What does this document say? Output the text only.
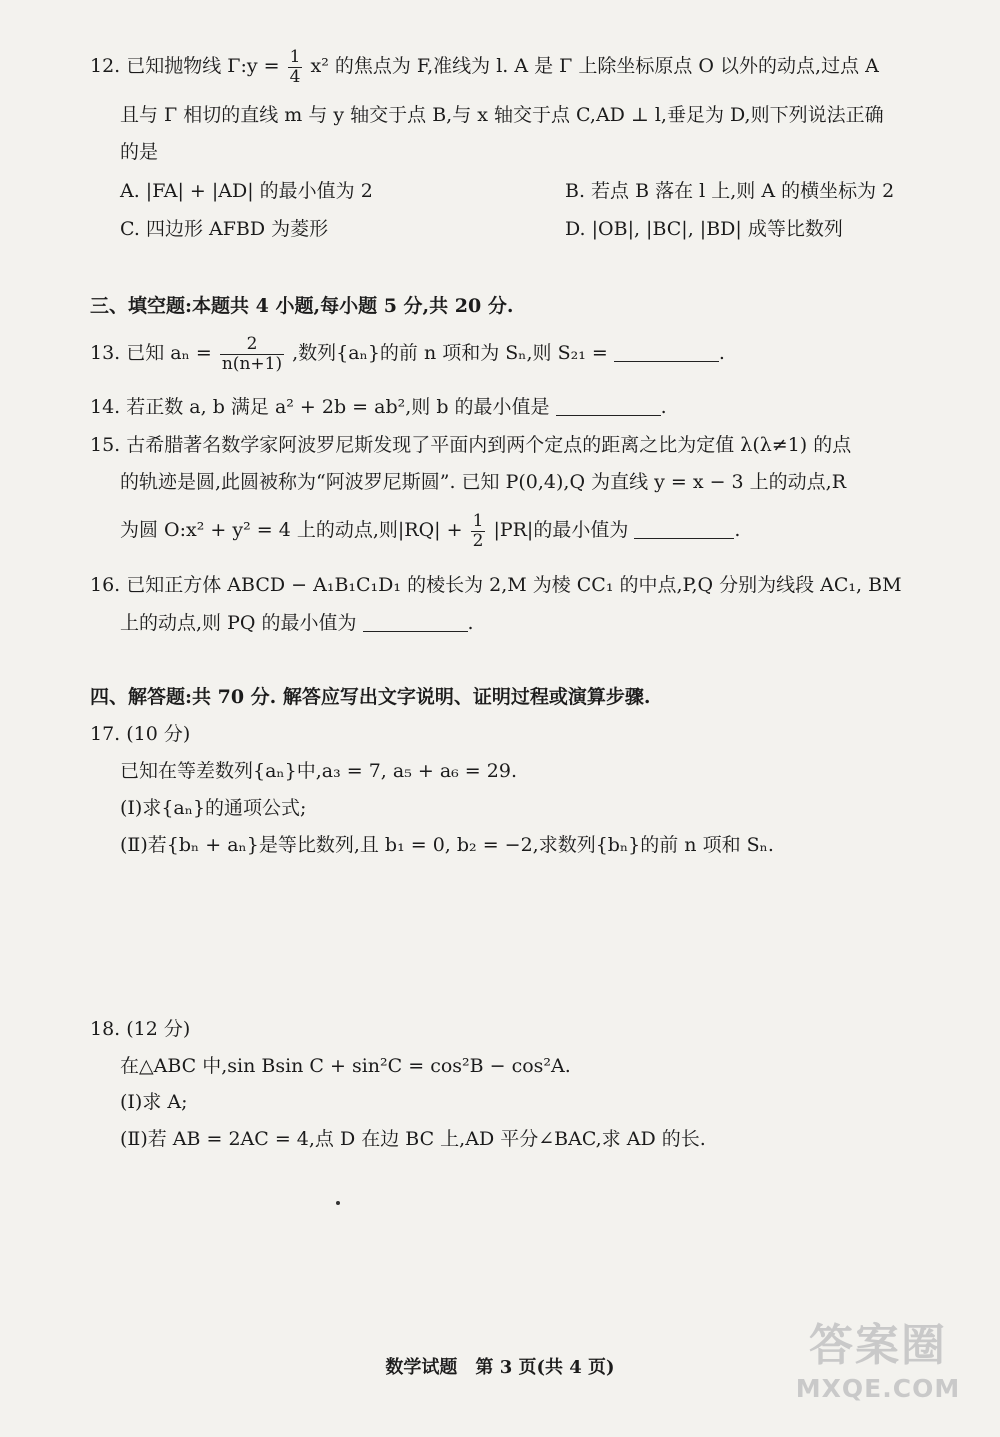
12. 已知抛物线 Γ:y = $\frac{1}{4} x^2$ 的焦点为 F,准线为 l. A 是 Γ 上除坐标原点 O 以外的动点,过点 A
且与 Γ 相切的直线 m 与 y 轴交于点 B,与 x 轴交于点 C,AD ⊥ l,垂足为 D,则下列说法正确
的是
A. |FA| + |AD| 的最小值为 2	B. 若点 B 落在 l 上,则 A 的横坐标为 2
C. 四边形 AFBD 为菱形	D. |OB|, |BC|, |BD| 成等比数列
三、填空题:本题共 4 小题,每小题 5 分,共 20 分.
13. 已知 $a_n = \frac{2}{n(n+1)}$ ,数列{aₙ}的前 n 项和为 Sₙ,则 S₂₁ =	.
14. 若正数 a, b 满足 a² + 2b = ab²,则 b 的最小值是	.
15. 古希腊著名数学家阿波罗尼斯发现了平面内到两个定点的距离之比为定值 λ(λ≠1) 的点
的轨迹是圆,此圆被称为“阿波罗尼斯圆”. 已知 P(0,4),Q 为直线 y = x − 3 上的动点,R
为圆 O:x² + y² = 4 上的动点,则$|RQ| + \frac{1}{2} |PR|$的最小值为	.
16. 已知正方体 ABCD − A₁B₁C₁D₁ 的棱长为 2,M 为棱 CC₁ 的中点,P,Q 分别为线段 AC₁, BM
上的动点,则 PQ 的最小值为	.
四、解答题:共 70 分. 解答应写出文字说明、证明过程或演算步骤.
17. (10 分)
已知在等差数列{aₙ}中,a₃ = 7, a₅ + a₆ = 29.
(Ⅰ)求{aₙ}的通项公式;
(Ⅱ)若{bₙ + aₙ}是等比数列,且 b₁ = 0, b₂ = −2,求数列{bₙ}的前 n 项和 Sₙ.
18. (12 分)
在△ABC 中,sin Bsin C + sin²C = cos²B − cos²A.
(Ⅰ)求 A;
(Ⅱ)若 AB = 2AC = 4,点 D 在边 BC 上,AD 平分∠BAC,求 AD 的长.
数学试题　第 3 页(共 4 页)	答案圈
MXQE.COM
